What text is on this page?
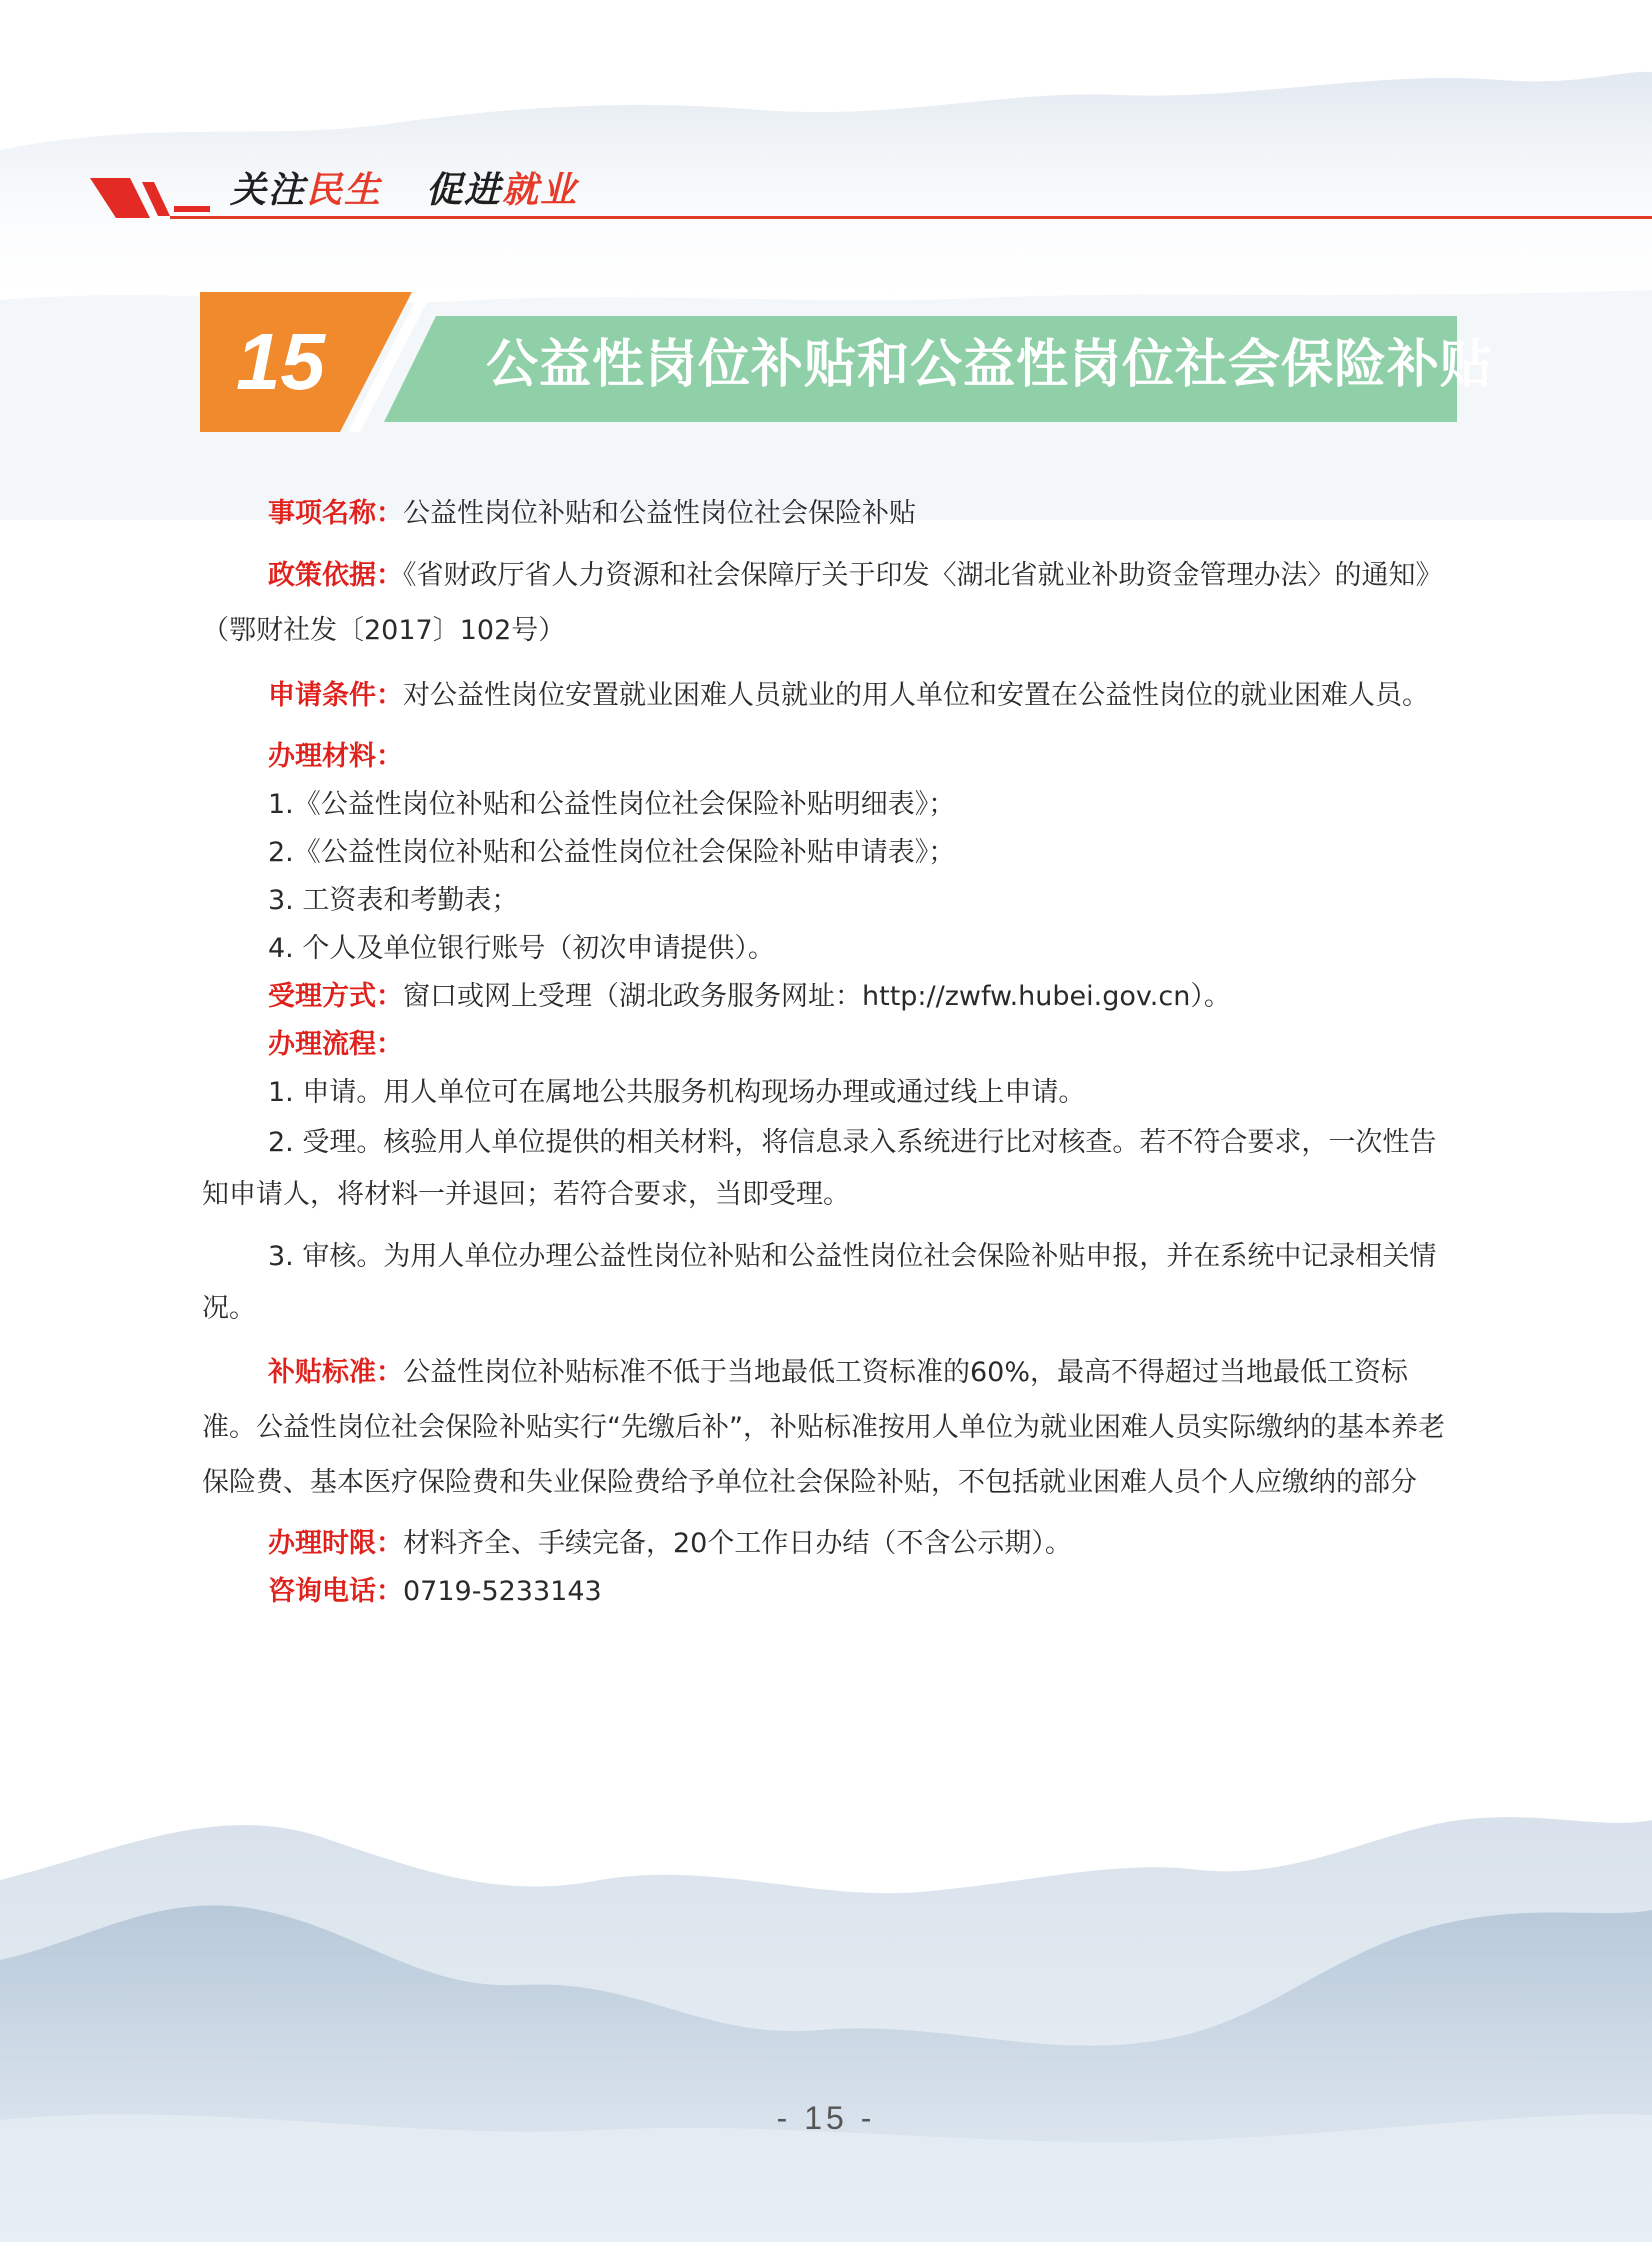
关注民生 促进就业
15	公益性岗位补贴和公益性岗位社会保险补贴

事项名称：公益性岗位补贴和公益性岗位社会保险补贴

政策依据：《省财政厅省人力资源和社会保障厅关于印发〈湖北省就业补助资金管理办法〉的通知》（鄂财社发〔2017〕102号）

申请条件：对公益性岗位安置就业困难人员就业的用人单位和安置在公益性岗位的就业困难人员。

办理材料：

1.《公益性岗位补贴和公益性岗位社会保险补贴明细表》；

2.《公益性岗位补贴和公益性岗位社会保险补贴申请表》；

3. 工资表和考勤表；

4. 个人及单位银行账号（初次申请提供）。

受理方式：窗口或网上受理（湖北政务服务网址：http://zwfw.hubei.gov.cn）。

办理流程：

1. 申请。用人单位可在属地公共服务机构现场办理或通过线上申请。

2. 受理。核验用人单位提供的相关材料，将信息录入系统进行比对核查。若不符合要求，一次性告知申请人，将材料一并退回；若符合要求，当即受理。

3. 审核。为用人单位办理公益性岗位补贴和公益性岗位社会保险补贴申报，并在系统中记录相关情况。

补贴标准：公益性岗位补贴标准不低于当地最低工资标准的60%，最高不得超过当地最低工资标准。公益性岗位社会保险补贴实行“先缴后补”，补贴标准按用人单位为就业困难人员实际缴纳的基本养老保险费、基本医疗保险费和失业保险费给予单位社会保险补贴，不包括就业困难人员个人应缴纳的部分

办理时限：材料齐全、手续完备，20个工作日办结（不含公示期）。

咨询电话：0719-5233143

- 15 -
